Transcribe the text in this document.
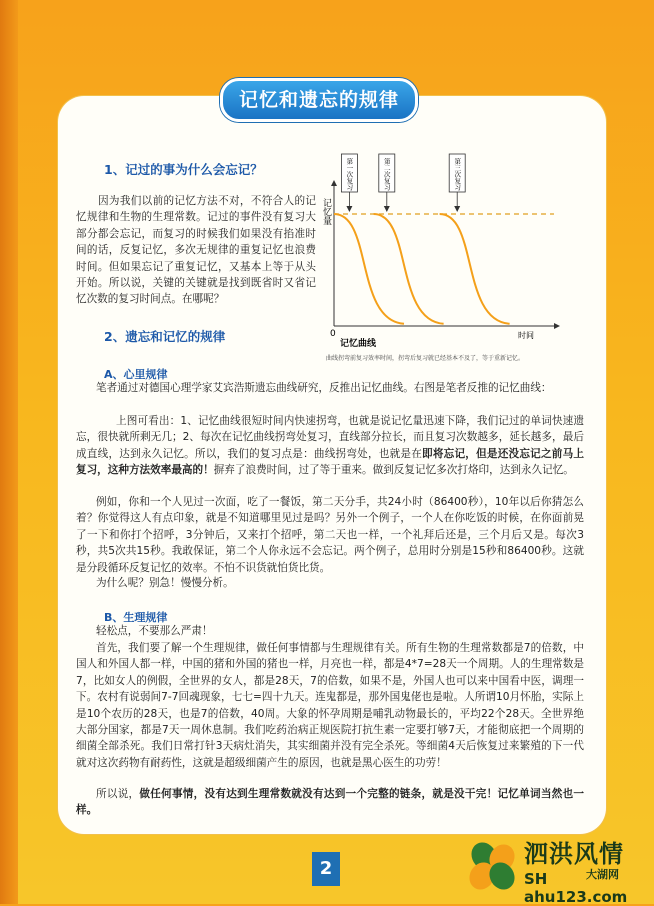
记忆和遗忘的规律
1、记过的事为什么会忘记？
因为我们以前的记忆方法不对，不符合人的记忆规律和生物的生理常数。记过的事件没有复习大部分都会忘记，而复习的时候我们如果没有掐准时间的话，反复记忆，多次无规律的重复记忆也浪费时间。但如果忘记了重复记忆，又基本上等于从头开始。所以说，关键的关键就是找到既省时又省记忆次数的复习时间点。在哪呢？
2、遗忘和记忆的规律
记忆量
时间
0
记忆曲线
第一次复习	第二次复习	第三次复习
曲线拐弯前复习效率时间，拐弯后复习就已经基本不及了，等于重新记忆。
A、心里规律
笔者通过对德国心理学家艾宾浩斯遗忘曲线研究，反推出记忆曲线。右图是笔者反推的记忆曲线：
上图可看出：1、记忆曲线很短时间内快速拐弯，也就是说记忆量迅速下降，我们记过的单词快速遗忘，很快就所剩无几；2、每次在记忆曲线拐弯处复习，直线部分拉长，而且复习次数越多，延长越多，最后成直线，达到永久记忆。所以，我们的复习点是：曲线拐弯处，也就是在即将忘记，但是还没忘记之前马上复习，这种方法效率最高的！摒弃了浪费时间，过了等于重来。做到反复记忆多次打烙印，达到永久记忆。
例如，你和一个人见过一次面，吃了一餐饭，第二天分手，共24小时（86400秒），10年以后你猜怎么着？你觉得这人有点印象，就是不知道哪里见过是吗？另外一个例子，一个人在你吃饭的时候，在你面前晃了一下和你打个招呼，3分钟后，又来打个招呼，第二天也一样，一个礼拜后还是，三个月后又是。每次3秒，共5次共15秒。我敢保证，第二个人你永远不会忘记。两个例子，总用时分别是15秒和86400秒。这就是分段循环反复记忆的效率。不怕不识货就怕货比货。
为什么呢？别急！慢慢分析。
B、生理规律
轻松点，不要那么严肃！
首先，我们要了解一个生理规律，做任何事情都与生理规律有关。所有生物的生理常数都是7的倍数，中国人和外国人都一样，中国的猪和外国的猪也一样，月亮也一样，都是4*7=28天一个周期。人的生理常数是7，比如女人的例假，全世界的女人，都是28天，7的倍数，如果不是，外国人也可以来中国看中医，调理一下。农村有说弱间7-7回魂现象，七七=四十九天。连鬼都是，那外国鬼佬也是啦。人所谓10月怀胎，实际上是10个农历的28天，也是7的倍数，40周。大象的怀孕周期是哺乳动物最长的，平均22个28天。全世界绝大部分国家，都是7天一周休息制。我们吃药治病正规医院打抗生素一定要打够7天，才能彻底把一个周期的细菌全部杀死。我们日常打针3天病灶消失，其实细菌并没有完全杀死。等细菌4天后恢复过来繁殖的下一代就对这次药物有耐药性，这就是超级细菌产生的原因，也就是黑心医生的功劳！
所以说，做任何事情，没有达到生理常数就没有达到一个完整的链条，就是没干完！记忆单词当然也一样。
2
泗洪风情
SH ahu123.com
大湖网
